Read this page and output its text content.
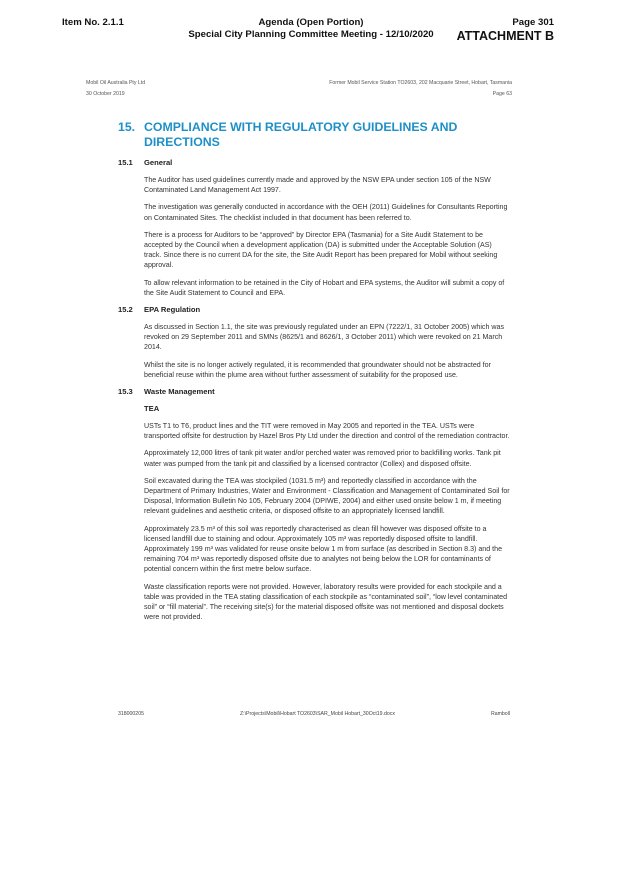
Item No. 2.1.1	Agenda (Open Portion)
Special City Planning Committee Meeting - 12/10/2020
Page 301
ATTACHMENT B
Mobil Oil Australia Pty Ltd	Former Mobil Service Station TO2603, 202 Macquarie Street, Hobart, Tasmania
30 October 2019	Page 63
15. COMPLIANCE WITH REGULATORY GUIDELINES AND DIRECTIONS
15.1	General

The Auditor has used guidelines currently made and approved by the NSW EPA under section 105 of the NSW Contaminated Land Management Act 1997.

The investigation was generally conducted in accordance with the OEH (2011) Guidelines for Consultants Reporting on Contaminated Sites. The checklist included in that document has been referred to.

There is a process for Auditors to be “approved” by Director EPA (Tasmania) for a Site Audit Statement to be accepted by the Council when a development application (DA) is submitted under the Acceptable Solution (AS) track. Since there is no current DA for the site, the Site Audit Report has been prepared for Mobil without seeking approval.

To allow relevant information to be retained in the City of Hobart and EPA systems, the Auditor will submit a copy of the Site Audit Statement to Council and EPA.

15.2	EPA Regulation

As discussed in Section 1.1, the site was previously regulated under an EPN (7222/1, 31 October 2005) which was revoked on 29 September 2011 and SMNs (8625/1 and 8626/1, 3 October 2011) which were revoked on 21 March 2014.

Whilst the site is no longer actively regulated, it is recommended that groundwater should not be abstracted for beneficial reuse within the plume area without further assessment of suitability for the proposed use.

15.3	Waste Management
TEA

USTs T1 to T6, product lines and the TIT were removed in May 2005 and reported in the TEA. USTs were transported offsite for destruction by Hazel Bros Pty Ltd under the direction and control of the remediation contractor.

Approximately 12,000 litres of tank pit water and/or perched water was removed prior to backfilling works. Tank pit water was pumped from the tank pit and classified by a licensed contractor (Collex) and disposed offsite.

Soil excavated during the TEA was stockpiled (1031.5 m³) and reportedly classified in accordance with the Department of Primary Industries, Water and Environment - Classification and Management of Contaminated Soil for Disposal, Information Bulletin No 105, February 2004 (DPIWE, 2004) and either used onsite below 1 m, if meeting relevant guidelines and aesthetic criteria, or disposed offsite to an appropriately licensed landfill.

Approximately 23.5 m³ of this soil was reportedly characterised as clean fill however was disposed offsite to a licensed landfill due to staining and odour. Approximately 105 m³ was reportedly disposed offsite to landfill. Approximately 199 m³ was validated for reuse onsite below 1 m from surface (as described in Section 8.3) and the remaining 704 m³ was reportedly disposed offsite due to analytes not being below the LOR for contaminants of potential concern within the first metre below surface.

Waste classification reports were not provided. However, laboratory results were provided for each stockpile and a table was provided in the TEA stating classification of each stockpile as “contaminated soil”, “low level contaminated soil” or “fill material”. The receiving site(s) for the material disposed offsite was not mentioned and disposal dockets were not provided.

318000205	Z:\Projects\Mobil\Hobart TO2603\SAR_Mobil Hobart_30Oct19.docx	Ramboll
